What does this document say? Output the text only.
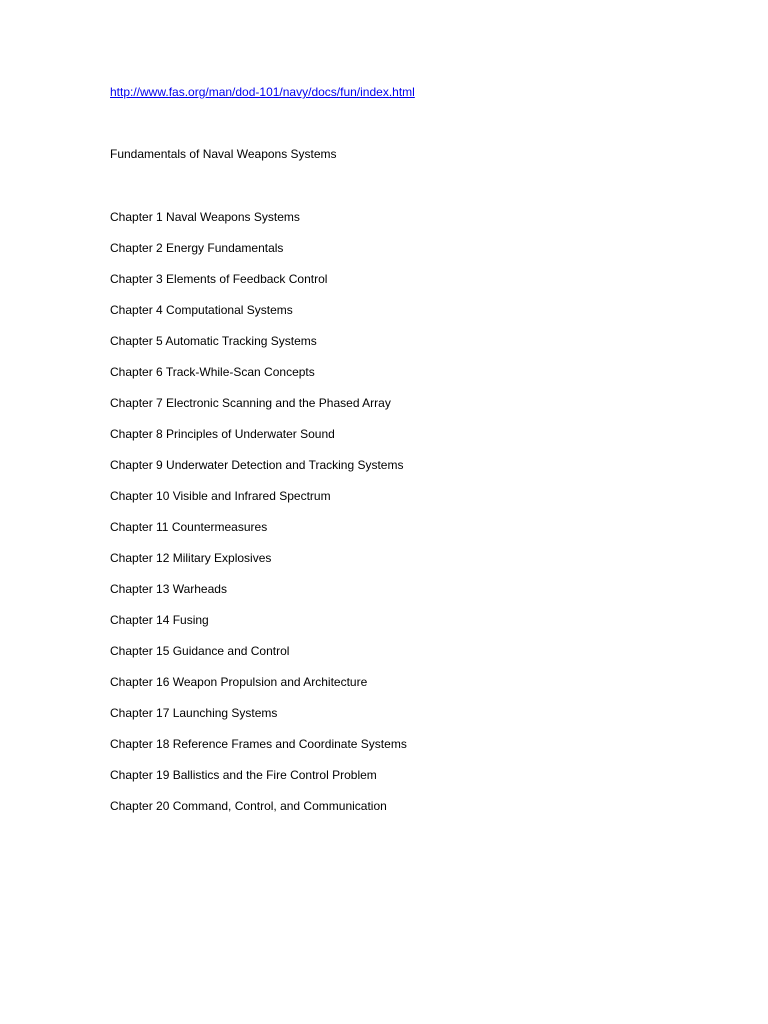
http://www.fas.org/man/dod-101/navy/docs/fun/index.html
Fundamentals of Naval Weapons Systems
Chapter 1 Naval Weapons Systems
Chapter 2 Energy Fundamentals
Chapter 3 Elements of Feedback Control
Chapter 4 Computational Systems
Chapter 5 Automatic Tracking Systems
Chapter 6 Track-While-Scan Concepts
Chapter 7 Electronic Scanning and the Phased Array
Chapter 8 Principles of Underwater Sound
Chapter 9 Underwater Detection and Tracking Systems
Chapter 10 Visible and Infrared Spectrum
Chapter 11 Countermeasures
Chapter 12 Military Explosives
Chapter 13 Warheads
Chapter 14 Fusing
Chapter 15 Guidance and Control
Chapter 16 Weapon Propulsion and Architecture
Chapter 17 Launching Systems
Chapter 18 Reference Frames and Coordinate Systems
Chapter 19 Ballistics and the Fire Control Problem
Chapter 20 Command, Control, and Communication
